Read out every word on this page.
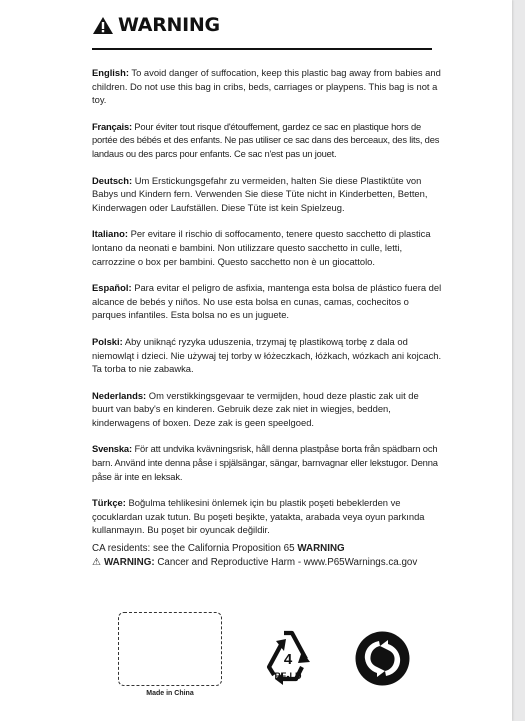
WARNING

English: To avoid danger of suffocation, keep this plastic bag away from babies and children. Do not use this bag in cribs, beds, carriages or playpens. This bag is not a toy.

Français: Pour éviter tout risque d'étouffement, gardez ce sac en plastique hors de portée des bébés et des enfants. Ne pas utiliser ce sac dans des berceaux, des lits, des landaus ou des parcs pour enfants. Ce sac n'est pas un jouet.

Deutsch: Um Erstickungsgefahr zu vermeiden, halten Sie diese Plastiktüte von Babys und Kindern fern. Verwenden Sie diese Tüte nicht in Kinderbetten, Betten, Kinderwagen oder Laufställen. Diese Tüte ist kein Spielzeug.

Italiano: Per evitare il rischio di soffocamento, tenere questo sacchetto di plastica lontano da neonati e bambini. Non utilizzare questo sacchetto in culle, letti, carrozzine o box per bambini. Questo sacchetto non è un giocattolo.

Español: Para evitar el peligro de asfixia, mantenga esta bolsa de plástico fuera del alcance de bebés y niños. No use esta bolsa en cunas, camas, cochecitos o parques infantiles. Esta bolsa no es un juguete.

Polski: Aby uniknąć ryzyka uduszenia, trzymaj tę plastikową torbę z dala od niemowląt i dzieci. Nie używaj tej torby w łóżeczkach, łóżkach, wózkach ani kojcach. Ta torba to nie zabawka.

Nederlands: Om verstikkingsgevaar te vermijden, houd deze plastic zak uit de buurt van baby's en kinderen. Gebruik deze zak niet in wiegjes, bedden, kinderwagens of boxen. Deze zak is geen speelgoed.

Svenska: För att undvika kvävningsrisk, håll denna plastpåse borta från spädbarn och barn. Använd inte denna påse i spjälsängar, sängar, barnvagnar eller lekstugor. Denna påse är inte en leksak.

Türkçe: Boğulma tehlikesini önlemek için bu plastik poşeti bebeklerden ve çocuklardan uzak tutun. Bu poşeti beşikte, yatakta, arabada veya oyun parkında kullanmayın. Bu poşet bir oyuncak değildir.

CA residents: see the California Proposition 65 WARNING
⚠ WARNING: Cancer and Reproductive Harm - www.P65Warnings.ca.gov
Made in China
4
PE-LD
